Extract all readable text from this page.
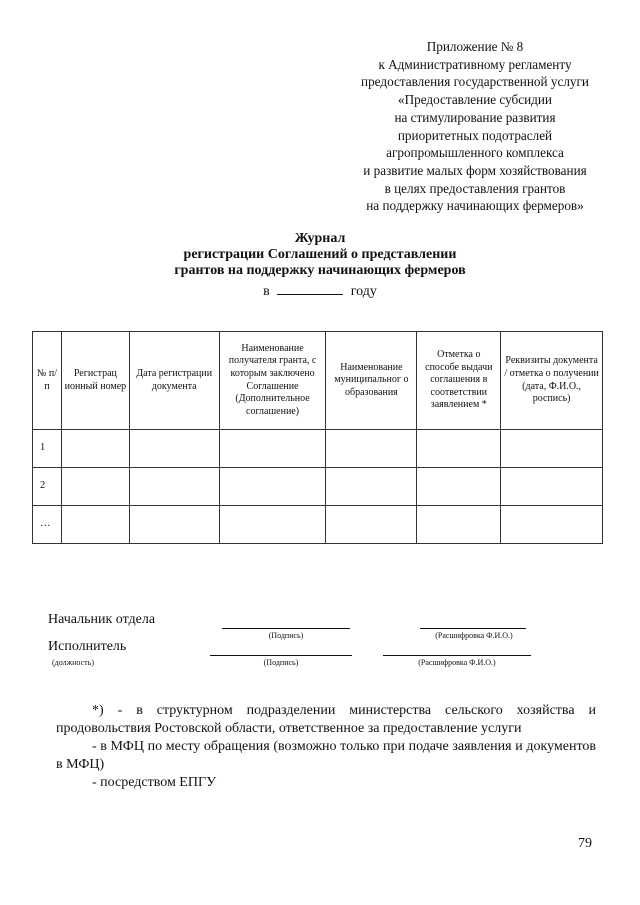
Приложение № 8
к Административному регламенту
предоставления государственной услуги
«Предоставление субсидии
на стимулирование развития
приоритетных подотраслей
агропромышленного комплекса
и развитие малых форм хозяйствования
в целях предоставления грантов
на поддержку начинающих фермеров»
Журнал
регистрации Соглашений о представлении
грантов на поддержку начинающих фермеров
в	году
№ п/п	Регистрац ионный номер	Дата регистрации документа	Наименование получателя гранта, с которым заключено Соглашение (Дополнительное соглашение)	Наименование муниципальног о образования	Отметка о способе выдачи соглашения в соответствии заявлением *	Реквизиты документа / отметка о получении (дата, Ф.И.О., роспись)
1						
2						
…						
Начальник отдела
(Подпись)	(Расшифровка Ф.И.О.)
Исполнитель
(должность)	(Подпись)	(Расшифровка Ф.И.О.)
*) - в структурном подразделении министерства сельского хозяйства и продовольствия Ростовской области, ответственное за предоставление услуги
- в МФЦ по месту обращения (возможно только при подаче заявления и документов в МФЦ)
- посредством ЕПГУ
79
